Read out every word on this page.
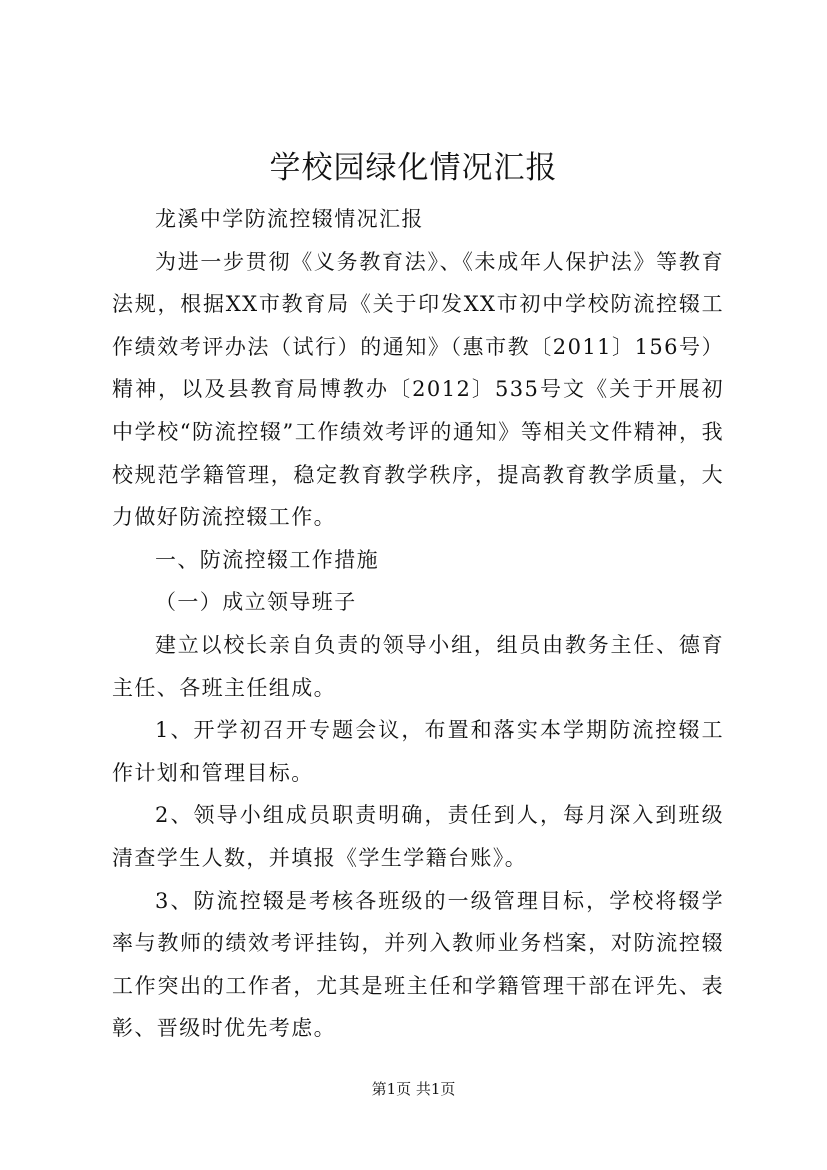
学校园绿化情况汇报

龙溪中学防流控辍情况汇报

为进一步贯彻《义务教育法》、《未成年人保护法》等教育法规，根据XX市教育局《关于印发XX市初中学校防流控辍工作绩效考评办法（试行）的通知》（惠市教〔2011〕156号）精神，以及县教育局博教办〔2012〕535号文《关于开展初中学校“防流控辍”工作绩效考评的通知》等相关文件精神，我校规范学籍管理，稳定教育教学秩序，提高教育教学质量，大力做好防流控辍工作。

一、防流控辍工作措施

（一）成立领导班子

建立以校长亲自负责的领导小组，组员由教务主任、德育主任、各班主任组成。

1、开学初召开专题会议，布置和落实本学期防流控辍工作计划和管理目标。

2、领导小组成员职责明确，责任到人，每月深入到班级清查学生人数，并填报《学生学籍台账》。

3、防流控辍是考核各班级的一级管理目标，学校将辍学率与教师的绩效考评挂钩，并列入教师业务档案，对防流控辍工作突出的工作者，尤其是班主任和学籍管理干部在评先、表彰、晋级时优先考虑。

第1页 共1页
